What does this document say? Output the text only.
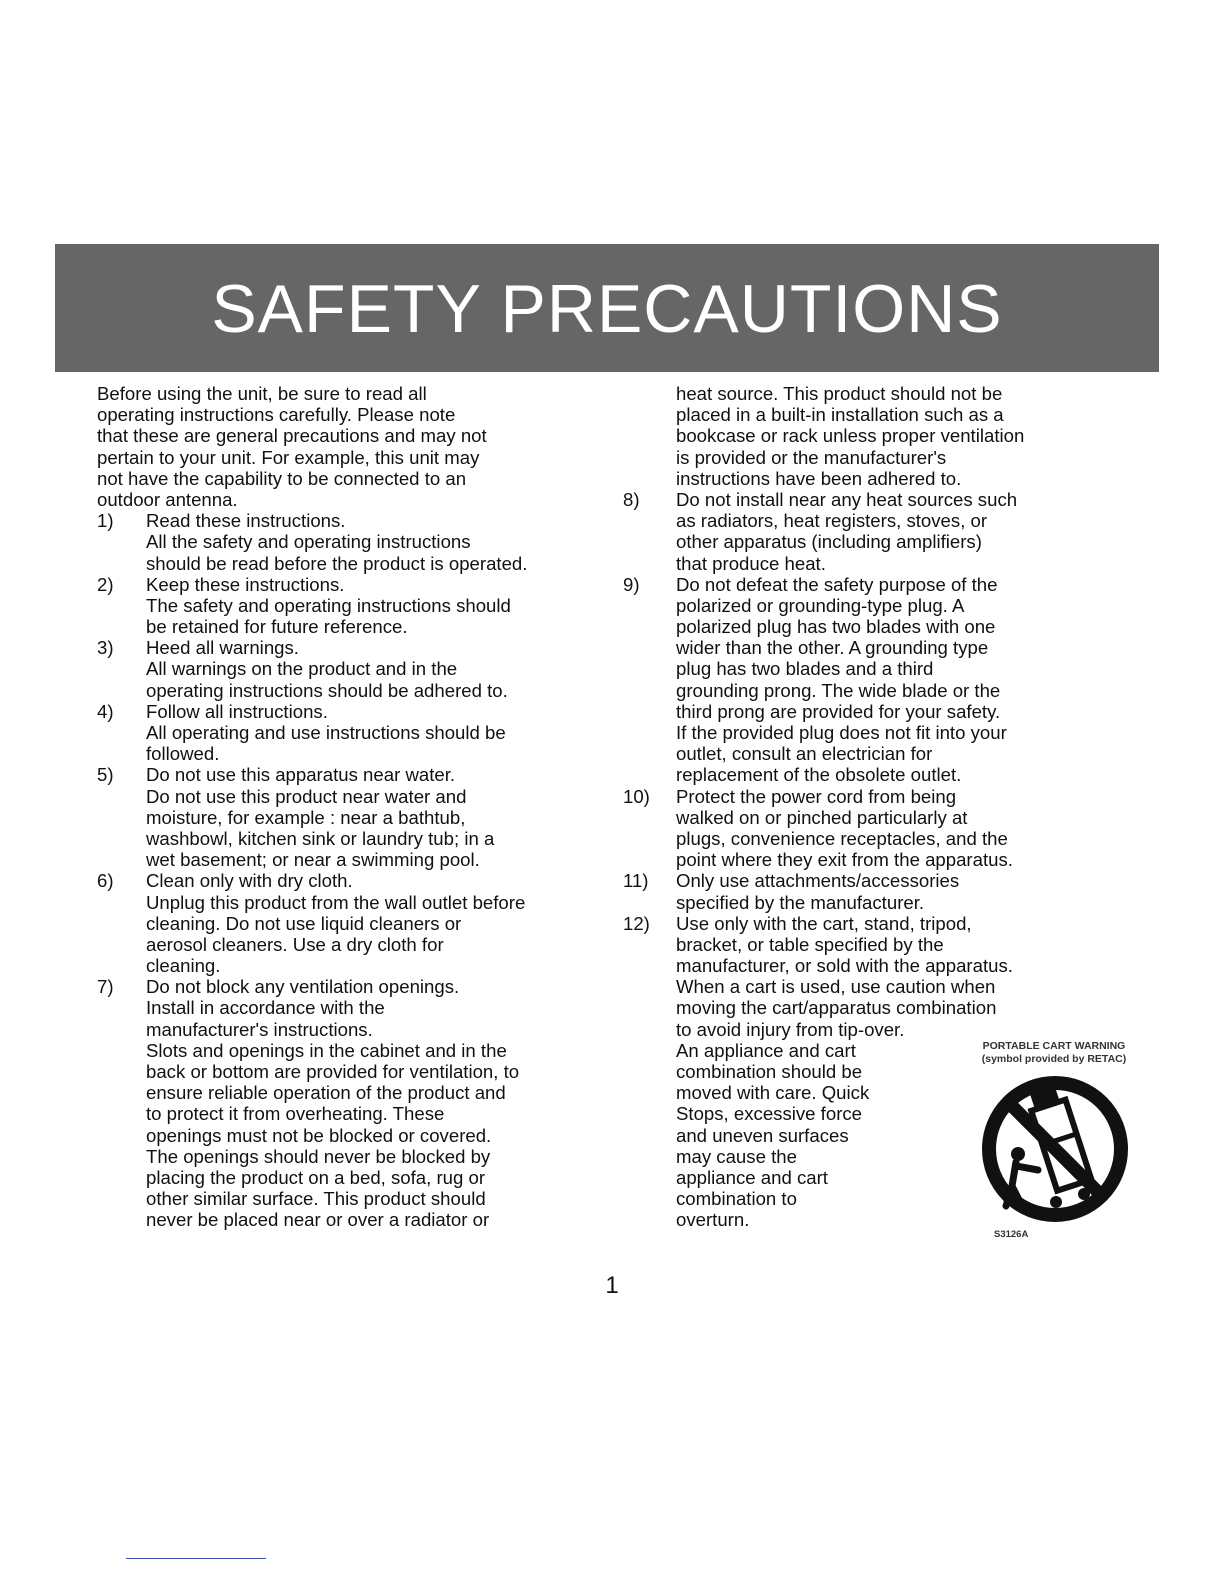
SAFETY PRECAUTIONS
Before using the unit, be sure to read all
operating instructions carefully. Please note
that these are general precautions and may not
pertain to your unit. For example, this unit may
not have the capability to be connected to an
outdoor antenna.
1) Read these instructions.
All the safety and operating instructions
should be read before the product is operated.
2) Keep these instructions.
The safety and operating instructions should
be retained for future reference.
3) Heed all warnings.
All warnings on the product and in the
operating instructions should be adhered to.
4) Follow all instructions.
All operating and use instructions should be
followed.
5) Do not use this apparatus near water.
Do not use this product near water and
moisture, for example : near a bathtub,
washbowl, kitchen sink or laundry tub; in a
wet basement; or near a swimming pool.
6) Clean only with dry cloth.
Unplug this product from the wall outlet before
cleaning. Do not use liquid cleaners or
aerosol cleaners. Use a dry cloth for
cleaning.
7) Do not block any ventilation openings.
Install in accordance with the
manufacturer's instructions.
Slots and openings in the cabinet and in the
back or bottom are provided for ventilation, to
ensure reliable operation of the product and
to protect it from overheating. These
openings must not be blocked or covered.
The openings should never be blocked by
placing the product on a bed, sofa, rug or
other similar surface. This product should
never be placed near or over a radiator or
heat source. This product should not be
placed in a built-in installation such as a
bookcase or rack unless proper ventilation
is provided or the manufacturer's
instructions have been adhered to.
8) Do not install near any heat sources such
as radiators, heat registers, stoves, or
other apparatus (including amplifiers)
that produce heat.
9) Do not defeat the safety purpose of the
polarized or grounding-type plug. A
polarized plug has two blades with one
wider than the other. A grounding type
plug has two blades and a third
grounding prong. The wide blade or the
third prong are provided for your safety.
If the provided plug does not fit into your
outlet, consult an electrician for
replacement of the obsolete outlet.
10) Protect the power cord from being
walked on or pinched particularly at
plugs, convenience receptacles, and the
point where they exit from the apparatus.
11) Only use attachments/accessories
specified by the manufacturer.
12) Use only with the cart, stand, tripod,
bracket, or table specified by the
manufacturer, or sold with the apparatus.
When a cart is used, use caution when
moving the cart/apparatus combination
to avoid injury from tip-over.
An appliance and cart
combination should be
moved with care. Quick
Stops, excessive force
and uneven surfaces
may cause the
appliance and cart
combination to
overturn.
PORTABLE CART WARNING
(symbol provided by RETAC)
S3126A
1
